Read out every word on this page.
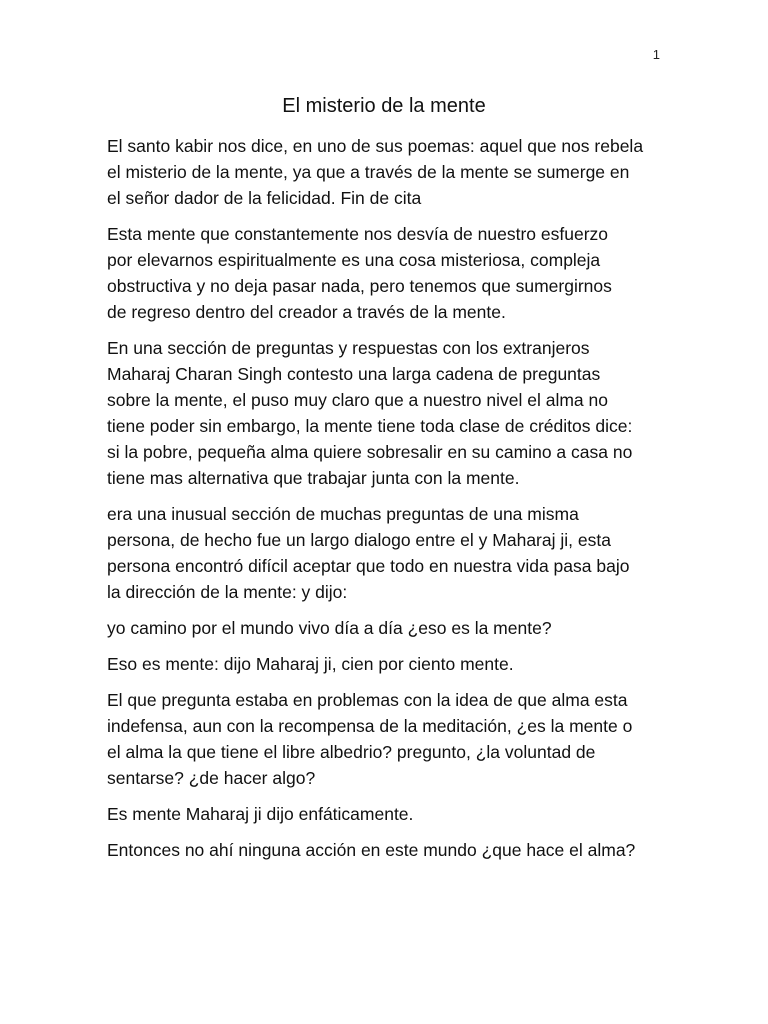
1
El misterio de la mente

El santo kabir nos dice, en uno de sus poemas: aquel que nos rebela
el misterio de la mente, ya que a través de la mente se sumerge en
el señor dador de la felicidad. Fin de cita

Esta mente que constantemente nos desvía de nuestro esfuerzo
por elevarnos espiritualmente es una cosa misteriosa, compleja
obstructiva y no deja pasar nada, pero tenemos que sumergirnos
de regreso dentro del creador a través de la mente.

En una sección de preguntas y respuestas con los extranjeros
Maharaj Charan Singh contesto una larga cadena de preguntas
sobre la mente, el puso muy claro que a nuestro nivel el alma no
tiene poder sin embargo, la mente tiene toda clase de créditos dice:
si la pobre, pequeña alma quiere sobresalir en su camino a casa no
tiene mas alternativa que trabajar junta con la mente.

era una inusual sección de muchas preguntas de una misma
persona, de hecho fue un largo dialogo entre el y Maharaj ji, esta
persona encontró difícil aceptar que todo en nuestra vida pasa bajo
la dirección de la mente: y dijo:

yo camino por el mundo vivo día a día ¿eso es la mente?

Eso es mente: dijo Maharaj ji, cien por ciento mente.

El que pregunta estaba en problemas con la idea de que alma esta
indefensa, aun con la recompensa de la meditación, ¿es la mente o
el alma la que tiene el libre albedrio? pregunto, ¿la voluntad de
sentarse? ¿de hacer algo?

Es mente Maharaj ji dijo enfáticamente.

Entonces no ahí ninguna acción en este mundo ¿que hace el alma?
